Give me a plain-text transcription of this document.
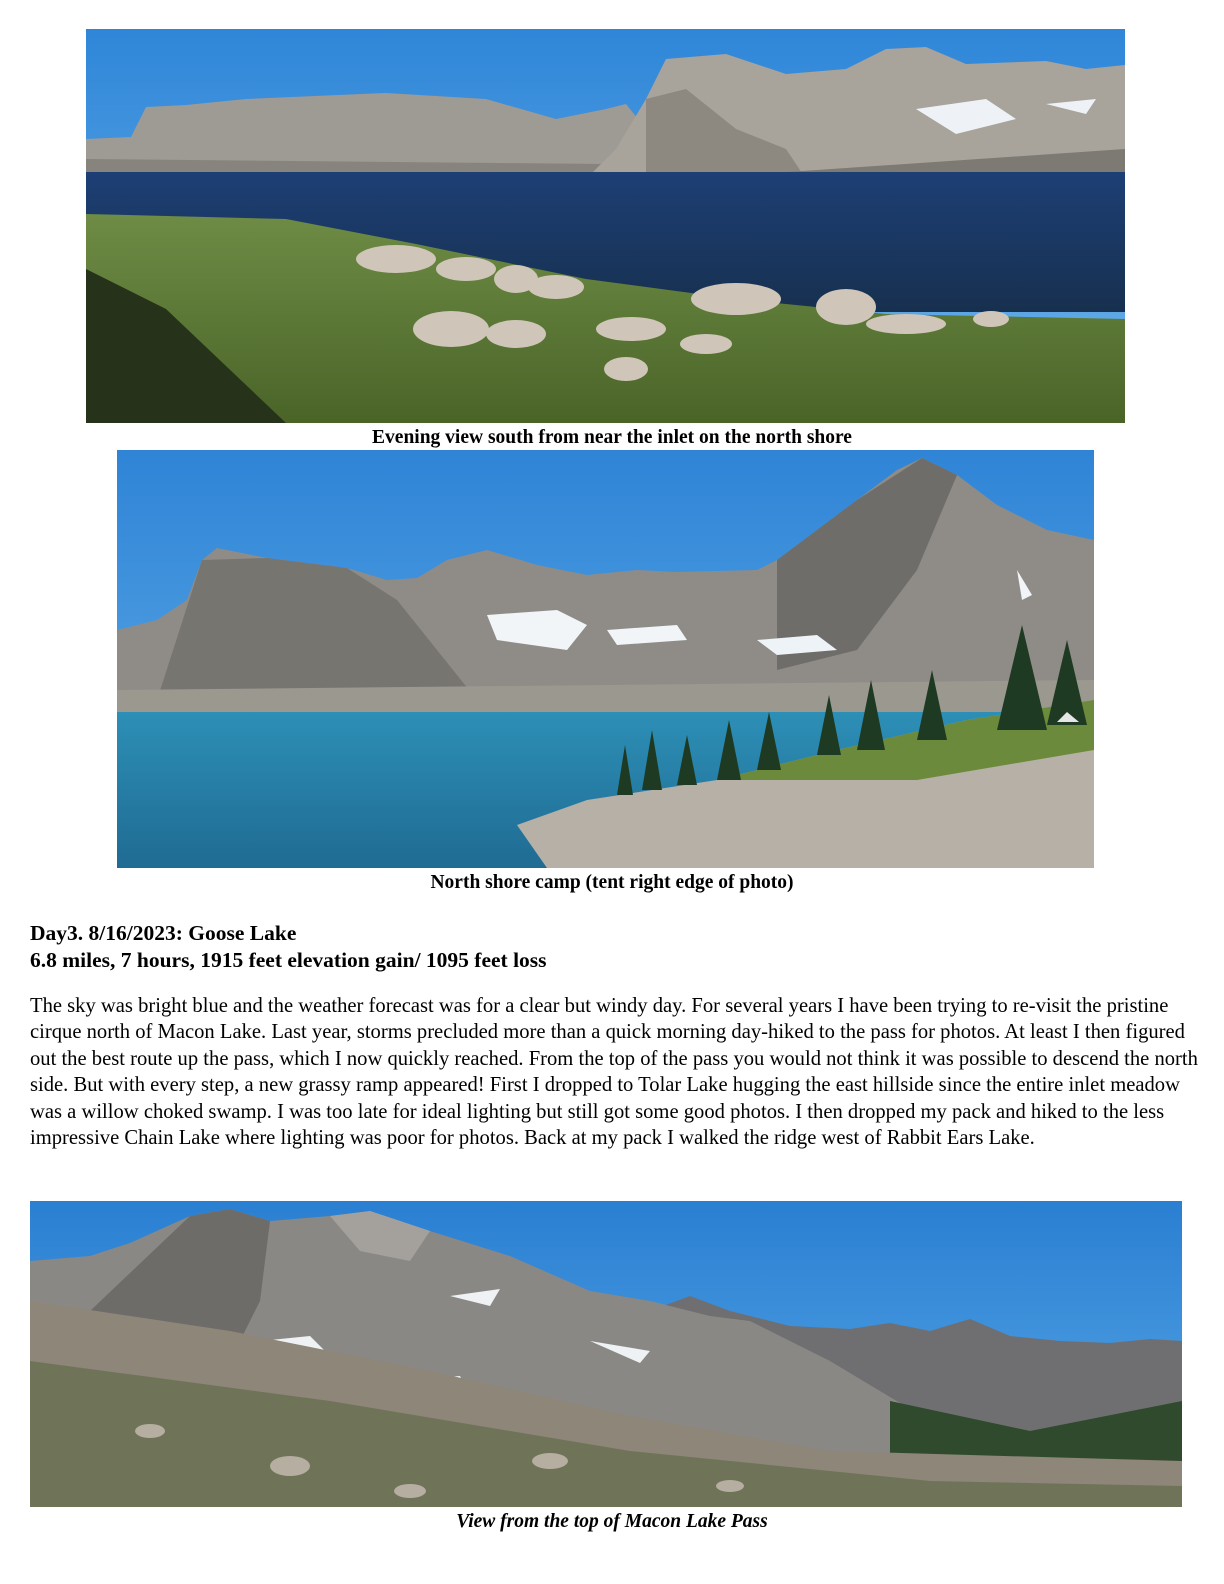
Evening view south from near the inlet on the north shore
North shore camp (tent right edge of photo)
Day3. 8/16/2023: Goose Lake
6.8 miles, 7 hours, 1915 feet elevation gain/ 1095 feet loss

The sky was bright blue and the weather forecast was for a clear but windy day. For several years I have been trying to re-visit the pristine cirque north of Macon Lake. Last year, storms precluded more than a quick morning day-hiked to the pass for photos. At least I then figured out the best route up the pass, which I now quickly reached. From the top of the pass you would not think it was possible to descend the north side. But with every step, a new grassy ramp appeared! First I dropped to Tolar Lake hugging the east hillside since the entire inlet meadow was a willow choked swamp. I was too late for ideal lighting but still got some good photos. I then dropped my pack and hiked to the less impressive Chain Lake where lighting was poor for photos. Back at my pack I walked the ridge west of Rabbit Ears Lake.

View from the top of Macon Lake Pass
